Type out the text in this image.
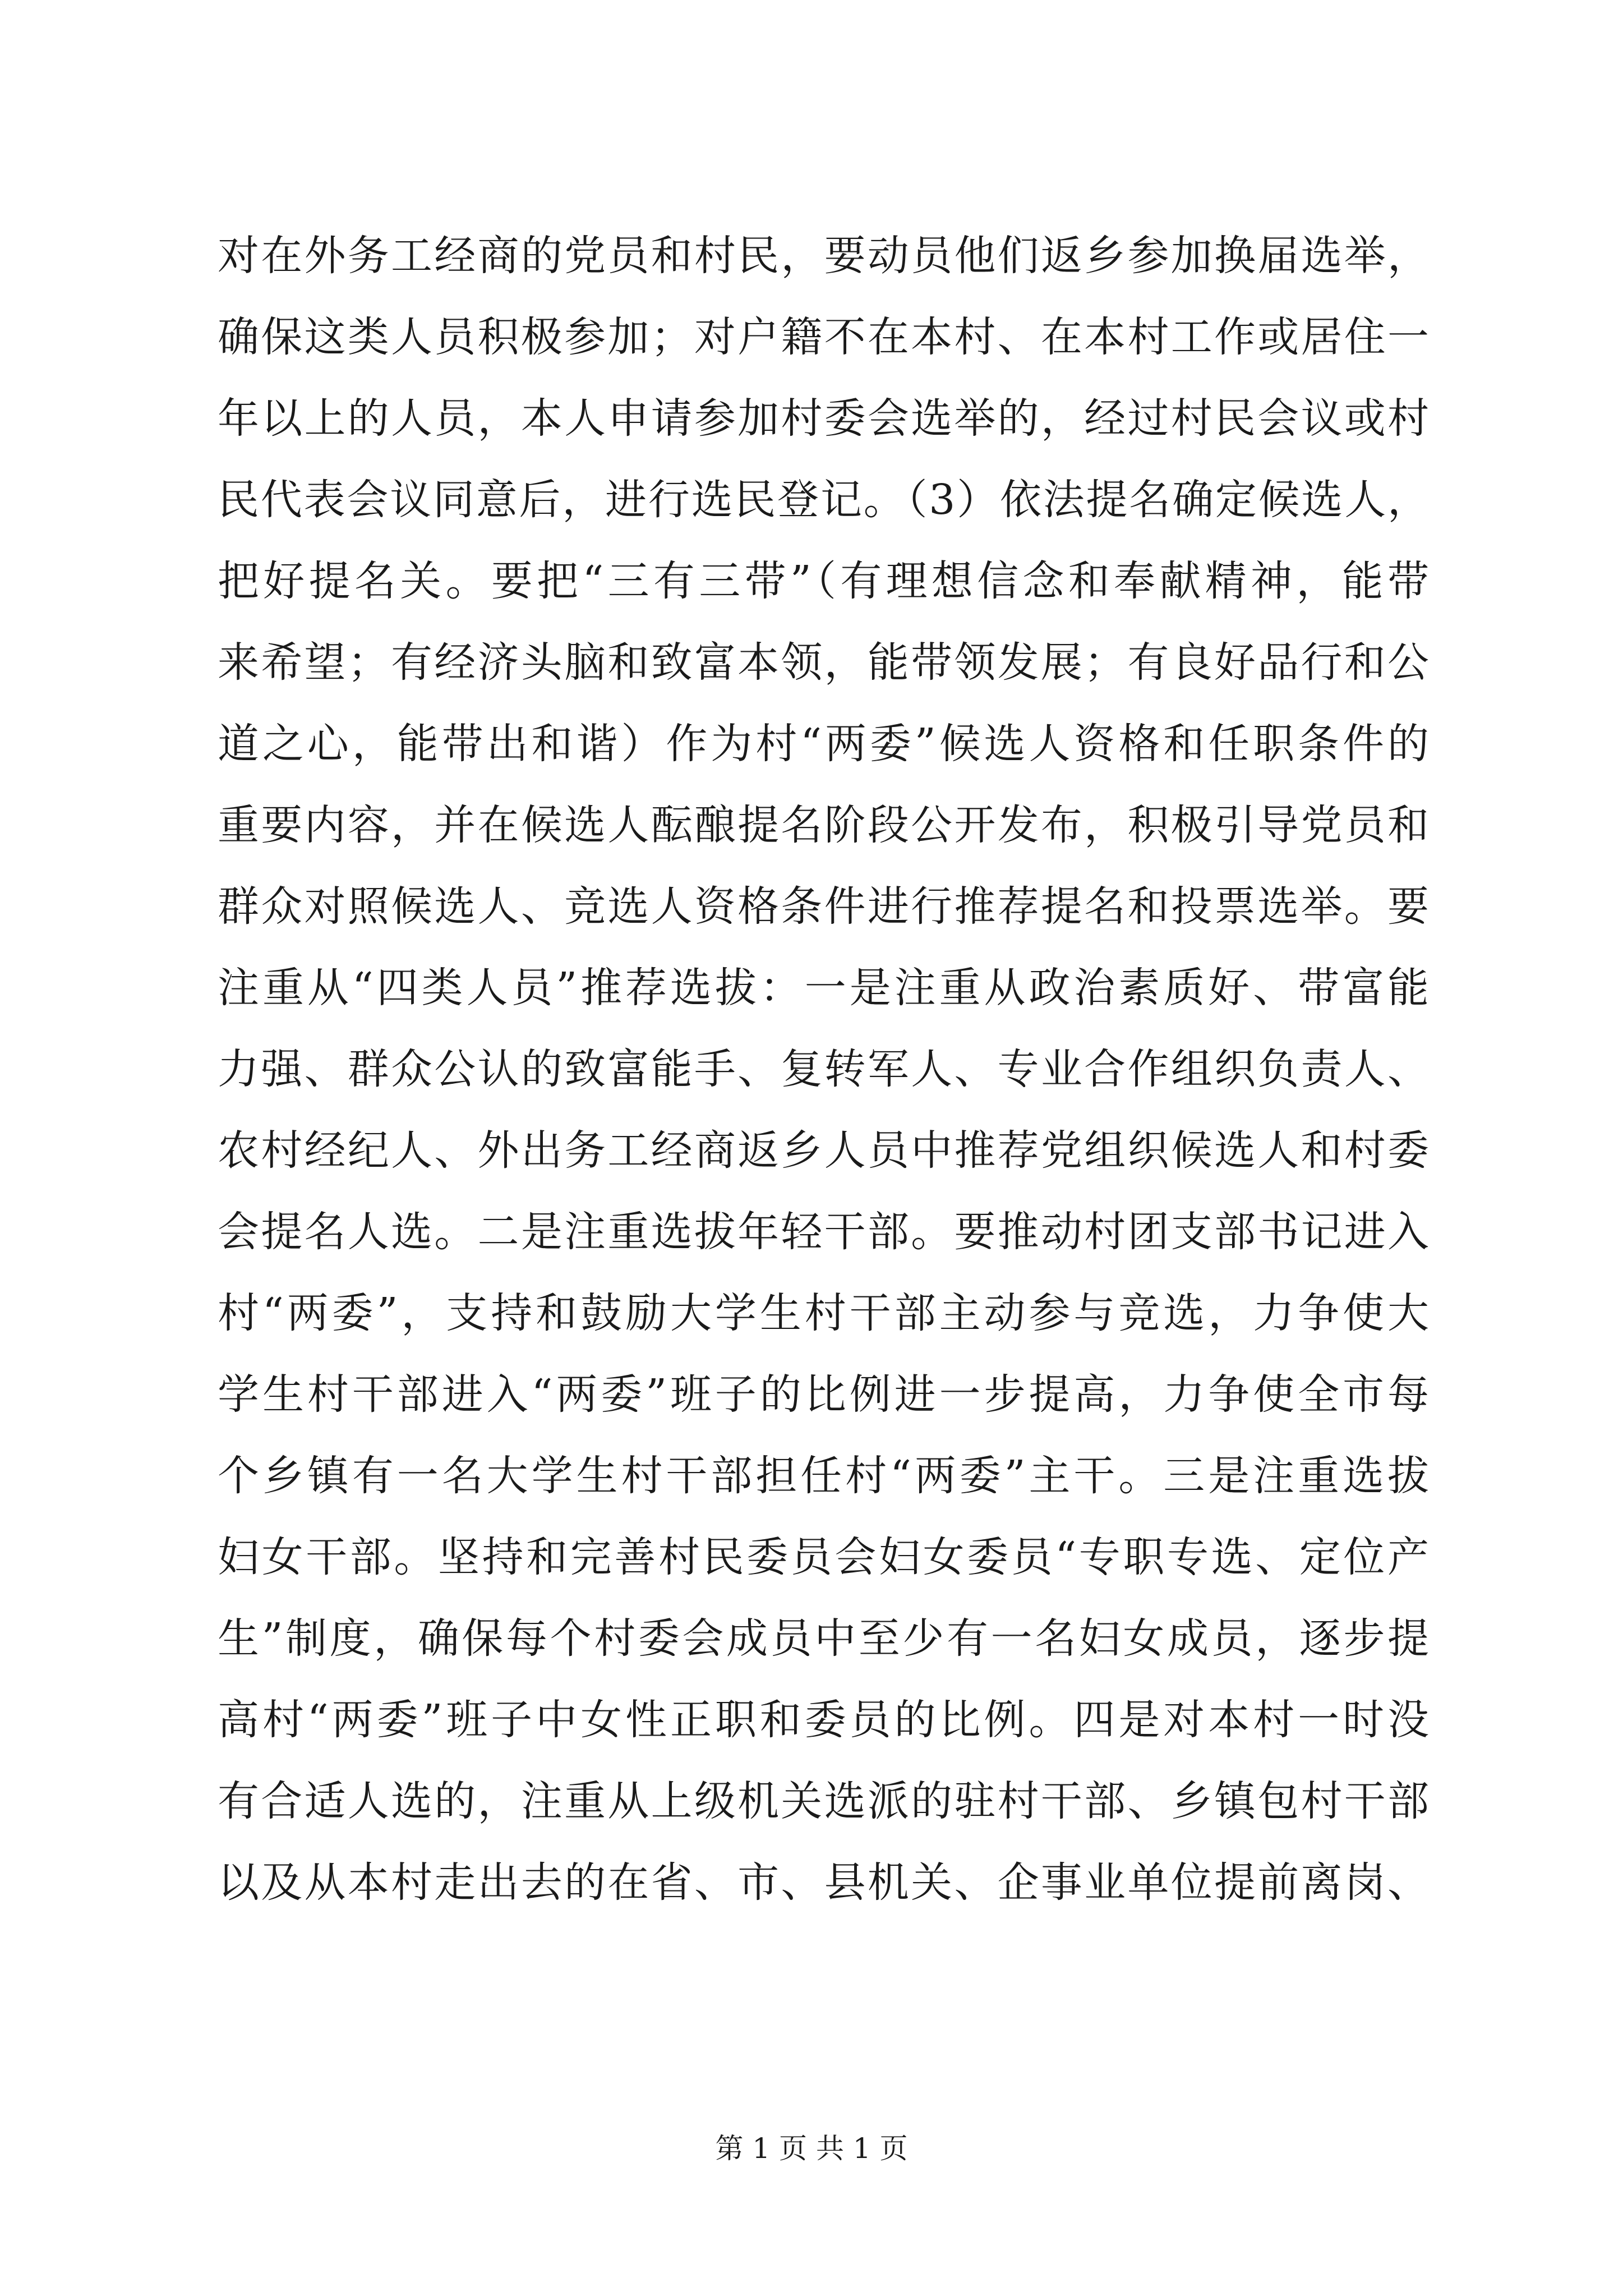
对在外务工经商的党员和村民，要动员他们返乡参加换届选举，
确保这类人员积极参加；对户籍不在本村、在本村工作或居住一
年以上的人员，本人申请参加村委会选举的，经过村民会议或村
民代表会议同意后，进行选民登记。（3）依法提名确定候选人，
把好提名关。要把“三有三带”（有理想信念和奉献精神，能带
来希望；有经济头脑和致富本领，能带领发展；有良好品行和公
道之心，能带出和谐）作为村“两委”候选人资格和任职条件的
重要内容，并在候选人酝酿提名阶段公开发布，积极引导党员和
群众对照候选人、竞选人资格条件进行推荐提名和投票选举。要
注重从“四类人员”推荐选拔：一是注重从政治素质好、带富能
力强、群众公认的致富能手、复转军人、专业合作组织负责人、
农村经纪人、外出务工经商返乡人员中推荐党组织候选人和村委
会提名人选。二是注重选拔年轻干部。要推动村团支部书记进入
村“两委”，支持和鼓励大学生村干部主动参与竞选，力争使大
学生村干部进入“两委”班子的比例进一步提高，力争使全市每
个乡镇有一名大学生村干部担任村“两委”主干。三是注重选拔
妇女干部。坚持和完善村民委员会妇女委员“专职专选、定位产
生”制度，确保每个村委会成员中至少有一名妇女成员，逐步提
高村“两委”班子中女性正职和委员的比例。四是对本村一时没
有合适人选的，注重从上级机关选派的驻村干部、乡镇包村干部
以及从本村走出去的在省、市、县机关、企事业单位提前离岗、
第 1 页 共 1 页
